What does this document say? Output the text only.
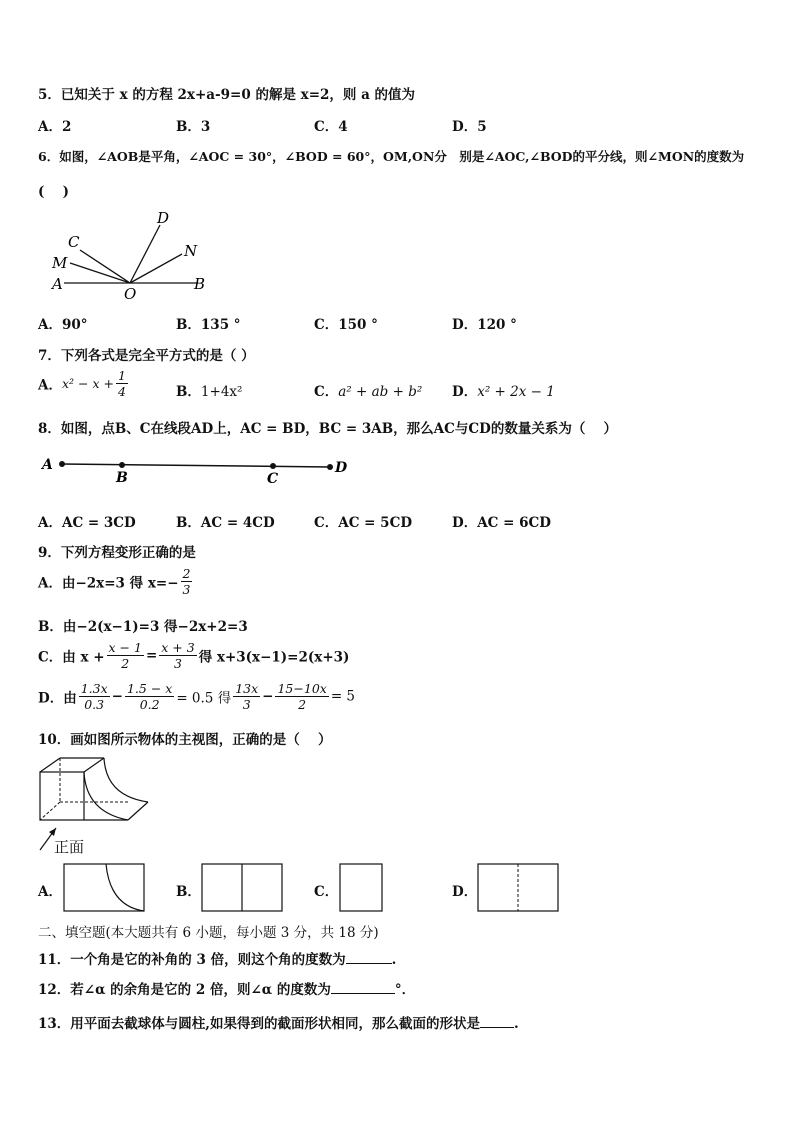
5．已知关于 x 的方程 2x+a-9=0 的解是 x=2，则 a 的值为
A．2	B．3	C．4	D．5
6．如图，∠AOB是平角，∠AOC = 30°，∠BOD = 60°，OM,ON分　别是∠AOC,∠BOD的平分线，则∠MON的度数为
(　 )
A
M
C
D
N
O
B
A．90°	B．135 °	C．150 °	D．120 °
7．下列各式是完全平方式的是（ ）
A．$x^2 - x + \frac{1}{4}$	B．1+4x²	C．a² + ab + b² D．x² + 2x − 1
8．如图，点B、C在线段AD上，AC = BD，BC = 3AB，那么AC与CD的数量关系为（　 ）
A
B	C
D
A．AC = 3CD	B．AC = 4CD	C．AC = 5CD	D．AC = 6CD
9．下列方程变形正确的是
A．由−2x=3 得 $x=- \frac{2}{3}$
B．由−2(x−1)=3 得−2x+2=3
C．由 $x + \frac{x - 1}{2} = \frac{x + 3}{3}$ 得 x+3(x−1)=2(x+3)
D．由 $\frac{1.3x}{0.3} - \frac{1.5 - x}{0.2} = 0.5$ 得 $\frac{13x}{3} - \frac{15-10x}{2} = 5$
10．画如图所示物体的主视图，正确的是（　 ）
正面
A．	B．	C．	D．
二、填空题(本大题共有 6 小题，每小题 3 分，共 18 分)
11．一个角是它的补角的 3 倍，则这个角的度数为	.
12．若∠α 的余角是它的 2 倍，则∠α 的度数为	°．
13．用平面去截球体与圆柱,如果得到的截面形状相同，那么截面的形状是	.
